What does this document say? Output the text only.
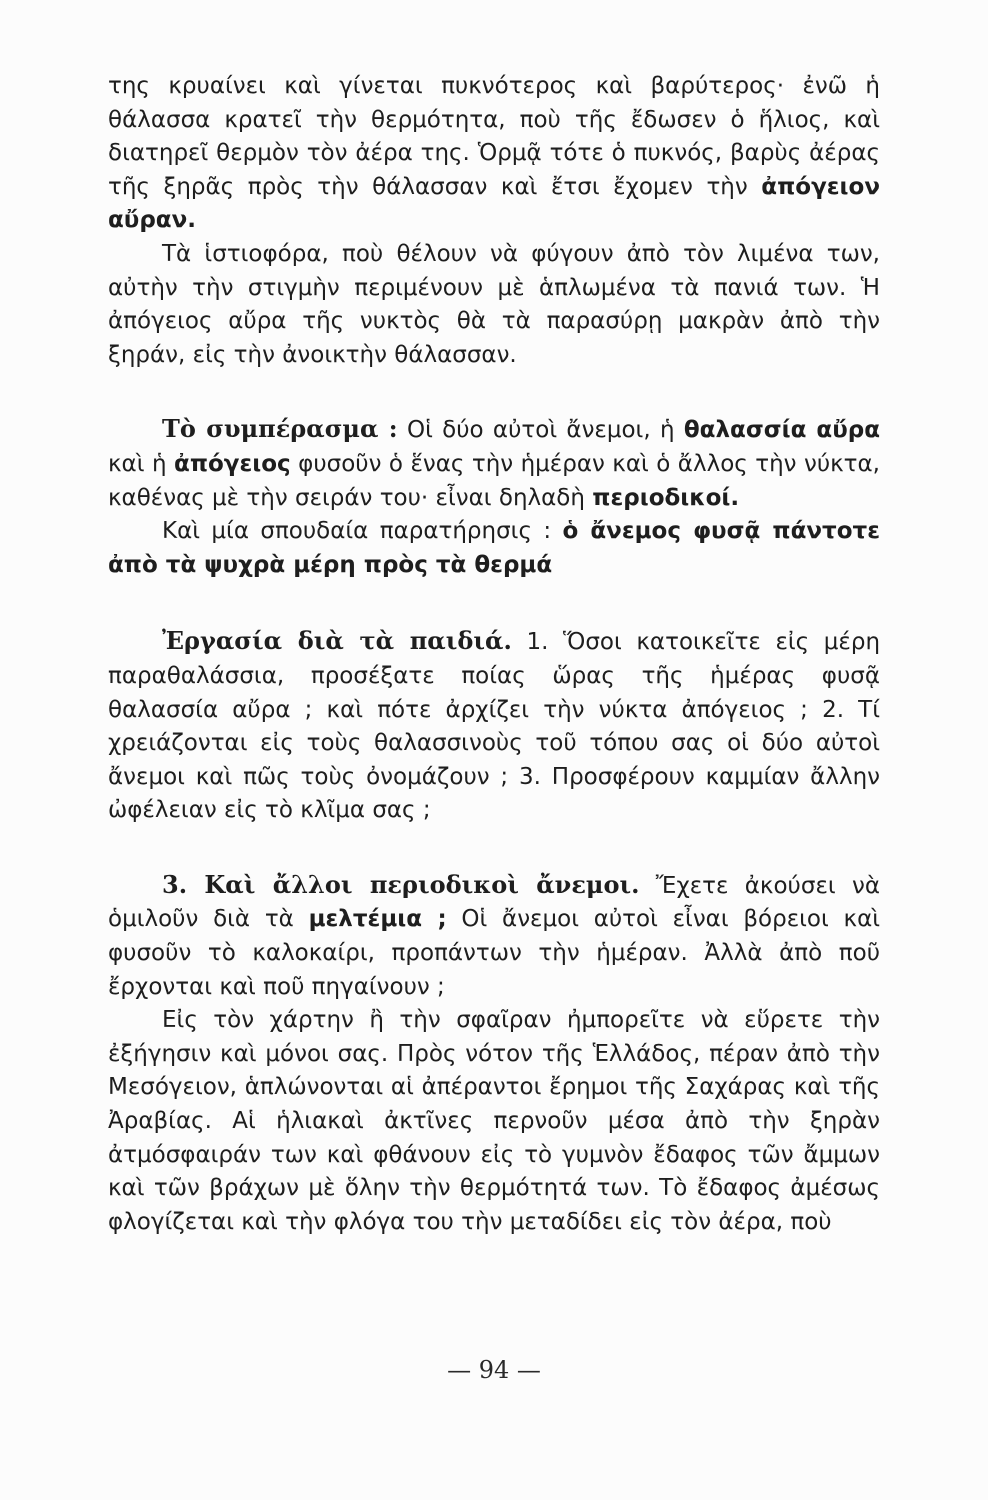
της κρυαίνει καὶ γίνεται πυκνότερος καὶ βαρύτερος· ἐνῶ ἡ θάλασσα κρατεῖ τὴν θερμότητα, ποὺ τῆς ἔδωσεν ὁ ἥλιος, καὶ διατηρεῖ θερμὸν τὸν ἀέρα της. Ὁρμᾷ τότε ὁ πυκνός, βαρὺς ἀέρας τῆς ξηρᾶς πρὸς τὴν θάλασσαν καὶ ἔτσι ἔχομεν τὴν ἀπόγειον αὔραν.

Τὰ ἱστιοφόρα, ποὺ θέλουν νὰ φύγουν ἀπὸ τὸν λιμένα των, αὐτὴν τὴν στιγμὴν περιμένουν μὲ ἁπλωμένα τὰ πανιά των. Ἡ ἀπόγειος αὔρα τῆς νυκτὸς θὰ τὰ παρασύρῃ μακρὰν ἀπὸ τὴν ξηράν, εἰς τὴν ἀνοικτὴν θάλασσαν.

Τὸ συμπέρασμα : Οἱ δύο αὐτοὶ ἄνεμοι, ἡ θαλασσία αὔρα καὶ ἡ ἀπόγειος φυσοῦν ὁ ἕνας τὴν ἡμέραν καὶ ὁ ἄλλος τὴν νύκτα, καθένας μὲ τὴν σειράν του· εἶναι δηλαδὴ περιοδικοί.

Καὶ μία σπουδαία παρατήρησις : ὁ ἄνεμος φυσᾷ πάντοτε ἀπὸ τὰ ψυχρὰ μέρη πρὸς τὰ θερμά

Ἐργασία διὰ τὰ παιδιά. 1. Ὅσοι κατοικεῖτε εἰς μέρη παραθαλάσσια, προσέξατε ποίας ὥρας τῆς ἡμέρας φυσᾷ θαλασσία αὔρα ; καὶ πότε ἀρχίζει τὴν νύκτα ἀπόγειος ; 2. Τί χρειάζονται εἰς τοὺς θαλασσινοὺς τοῦ τόπου σας οἱ δύο αὐτοὶ ἄνεμοι καὶ πῶς τοὺς ὀνομάζουν ; 3. Προσφέρουν καμμίαν ἄλλην ὠφέλειαν εἰς τὸ κλῖμα σας ;

3. Καὶ ἄλλοι περιοδικοὶ ἄνεμοι. Ἔχετε ἀκούσει νὰ ὁμιλοῦν διὰ τὰ μελτέμια ; Οἱ ἄνεμοι αὐτοὶ εἶναι βόρειοι καὶ φυσοῦν τὸ καλοκαίρι, προπάντων τὴν ἡμέραν. Ἀλλὰ ἀπὸ ποῦ ἔρχονται καὶ ποῦ πηγαίνουν ;

Εἰς τὸν χάρτην ἢ τὴν σφαῖραν ἠμπορεῖτε νὰ εὕρετε τὴν ἐξήγησιν καὶ μόνοι σας. Πρὸς νότον τῆς Ἑλλάδος, πέραν ἀπὸ τὴν Μεσόγειον, ἁπλώνονται αἱ ἀπέραντοι ἔρημοι τῆς Σαχάρας καὶ τῆς Ἀραβίας. Αἱ ἡλιακαὶ ἀκτῖνες περνοῦν μέσα ἀπὸ τὴν ξηρὰν ἀτμόσφαιράν των καὶ φθάνουν εἰς τὸ γυμνὸν ἔδαφος τῶν ἄμμων καὶ τῶν βράχων μὲ ὅλην τὴν θερμότητά των. Τὸ ἔδαφος ἀμέσως φλογίζεται καὶ τὴν φλόγα του τὴν μεταδίδει εἰς τὸν ἀέρα, ποὺ

— 94 —
